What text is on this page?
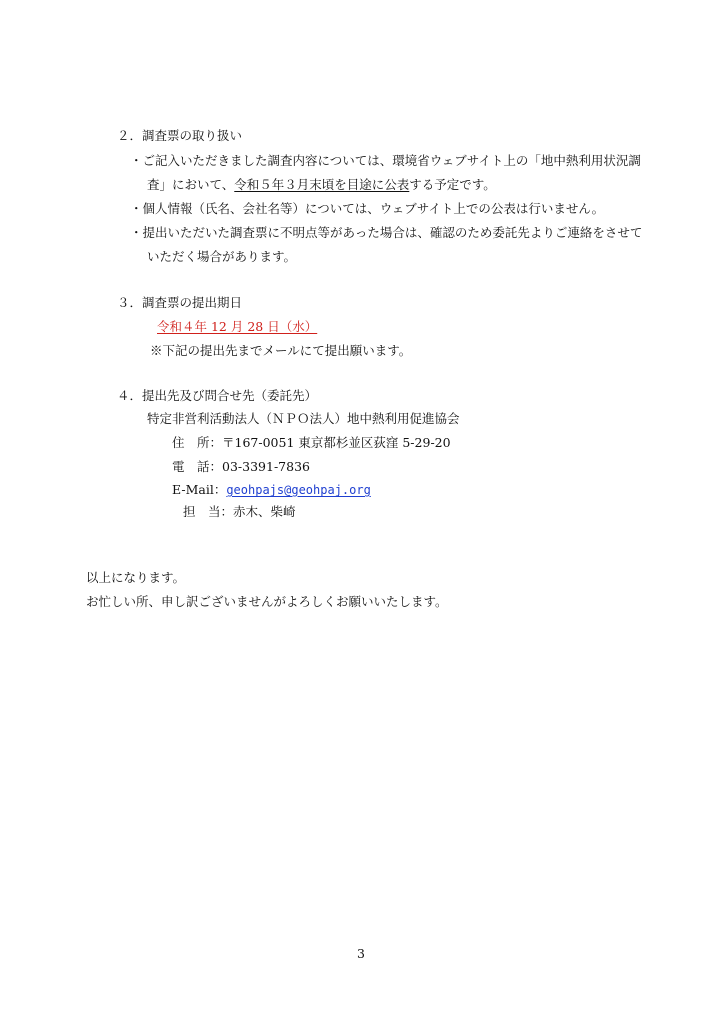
２．調査票の取り扱い
・ご記入いただきました調査内容については、環境省ウェブサイト上の「地中熱利用状況調
査」において、令和５年３月末頃を目途に公表する予定です。
・個人情報（氏名、会社名等）については、ウェブサイト上での公表は行いません。
・提出いただいた調査票に不明点等があった場合は、確認のため委託先よりご連絡をさせて
いただく場合があります。
３．調査票の提出期日
令和４年 12 月 28 日（水）
※下記の提出先までメールにて提出願います。
４．提出先及び問合せ先（委託先）
特定非営利活動法人（ＮＰＯ法人）地中熱利用促進協会
住　所：〒167-0051 東京都杉並区荻窪 5-29-20
電　話：03-3391-7836
E-Mail：geohpajs@geohpaj.org
担　当：赤木、柴崎
以上になります。
お忙しい所、申し訳ございませんがよろしくお願いいたします。
3
